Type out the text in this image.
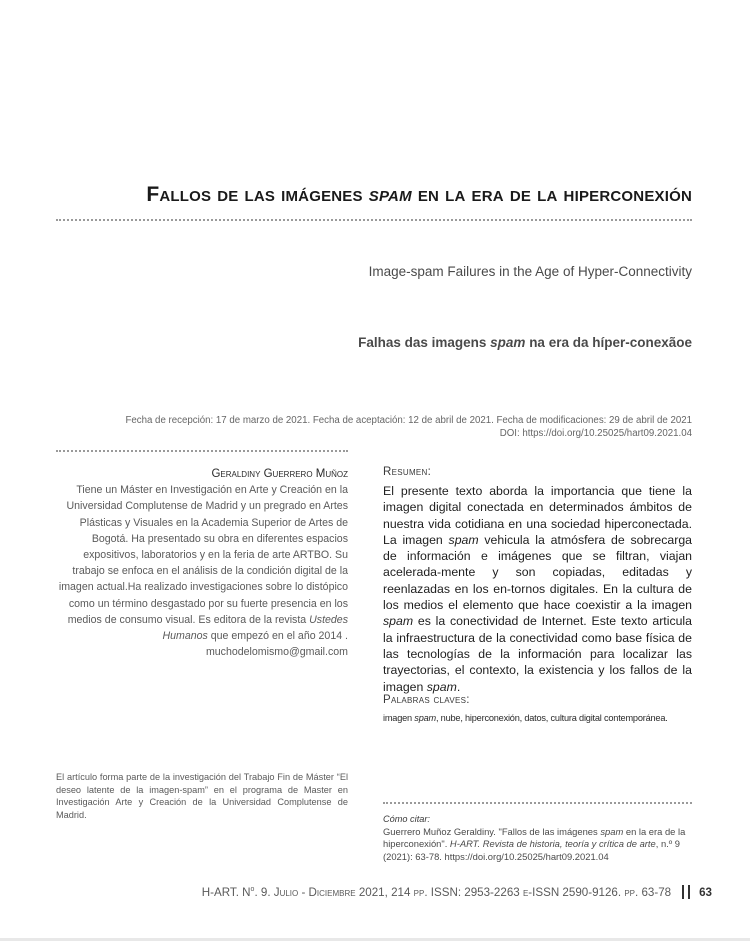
Fallos de las imágenes spam en la era de la hiperconexión
Image-spam Failures in the Age of Hyper-Connectivity
Falhas das imagens spam na era da híper-conexãoe
Fecha de recepción: 17 de marzo de 2021. Fecha de aceptación: 12 de abril de 2021. Fecha de modificaciones: 29 de abril de 2021
DOI: https://doi.org/10.25025/hart09.2021.04
Geraldiny Guerrero Muñoz
Tiene un Máster en Investigación en Arte y Creación en la Universidad Complutense de Madrid y un pregrado en Artes Plásticas y Visuales en la Academia Superior de Artes de Bogotá. Ha presentado su obra en diferentes espacios expositivos, laboratorios y en la feria de arte ARTBO. Su trabajo se enfoca en el análisis de la condición digital de la imagen actual.Ha realizado investigaciones sobre lo distópico como un término desgastado por su fuerte presencia en los medios de consumo visual. Es editora de la revista Ustedes Humanos que empezó en el año 2014 .
muchodelomismo@gmail.com
El artículo forma parte de la investigación del Trabajo Fin de Máster “El deseo latente de la imagen-spam” en el programa de Master en Investigación Arte y Creación de la Universidad Complutense de Madrid.
Resumen:
El presente texto aborda la importancia que tiene la imagen digital conectada en determinados ámbitos de nuestra vida cotidiana en una sociedad hiperconectada. La imagen spam vehicula la atmósfera de sobrecarga de información e imágenes que se filtran, viajan acelerada-mente y son copiadas, editadas y reenlazadas en los en-tornos digitales. En la cultura de los medios el elemento que hace coexistir a la imagen spam es la conectividad de Internet. Este texto articula la infraestructura de la conectividad como base física de las tecnologías de la información para localizar las trayectorias, el contexto, la existencia y los fallos de la imagen spam.
Palabras claves:
imagen spam, nube, hiperconexión, datos, cultura digital contemporánea.
Cómo citar:
Guerrero Muñoz Geraldiny. "Fallos de las imágenes spam en la era de la hiperconexión". H-ART. Revista de historia, teoría y crítica de arte, n.º 9 (2021): 63-78. https://doi.org/10.25025/hart09.2021.04
H-ART. $N^o$. 9. Julio - Diciembre 2021, 214 pp. ISSN: 2953-2263 e-ISSN 2590-9126. pp. 63-78 63
